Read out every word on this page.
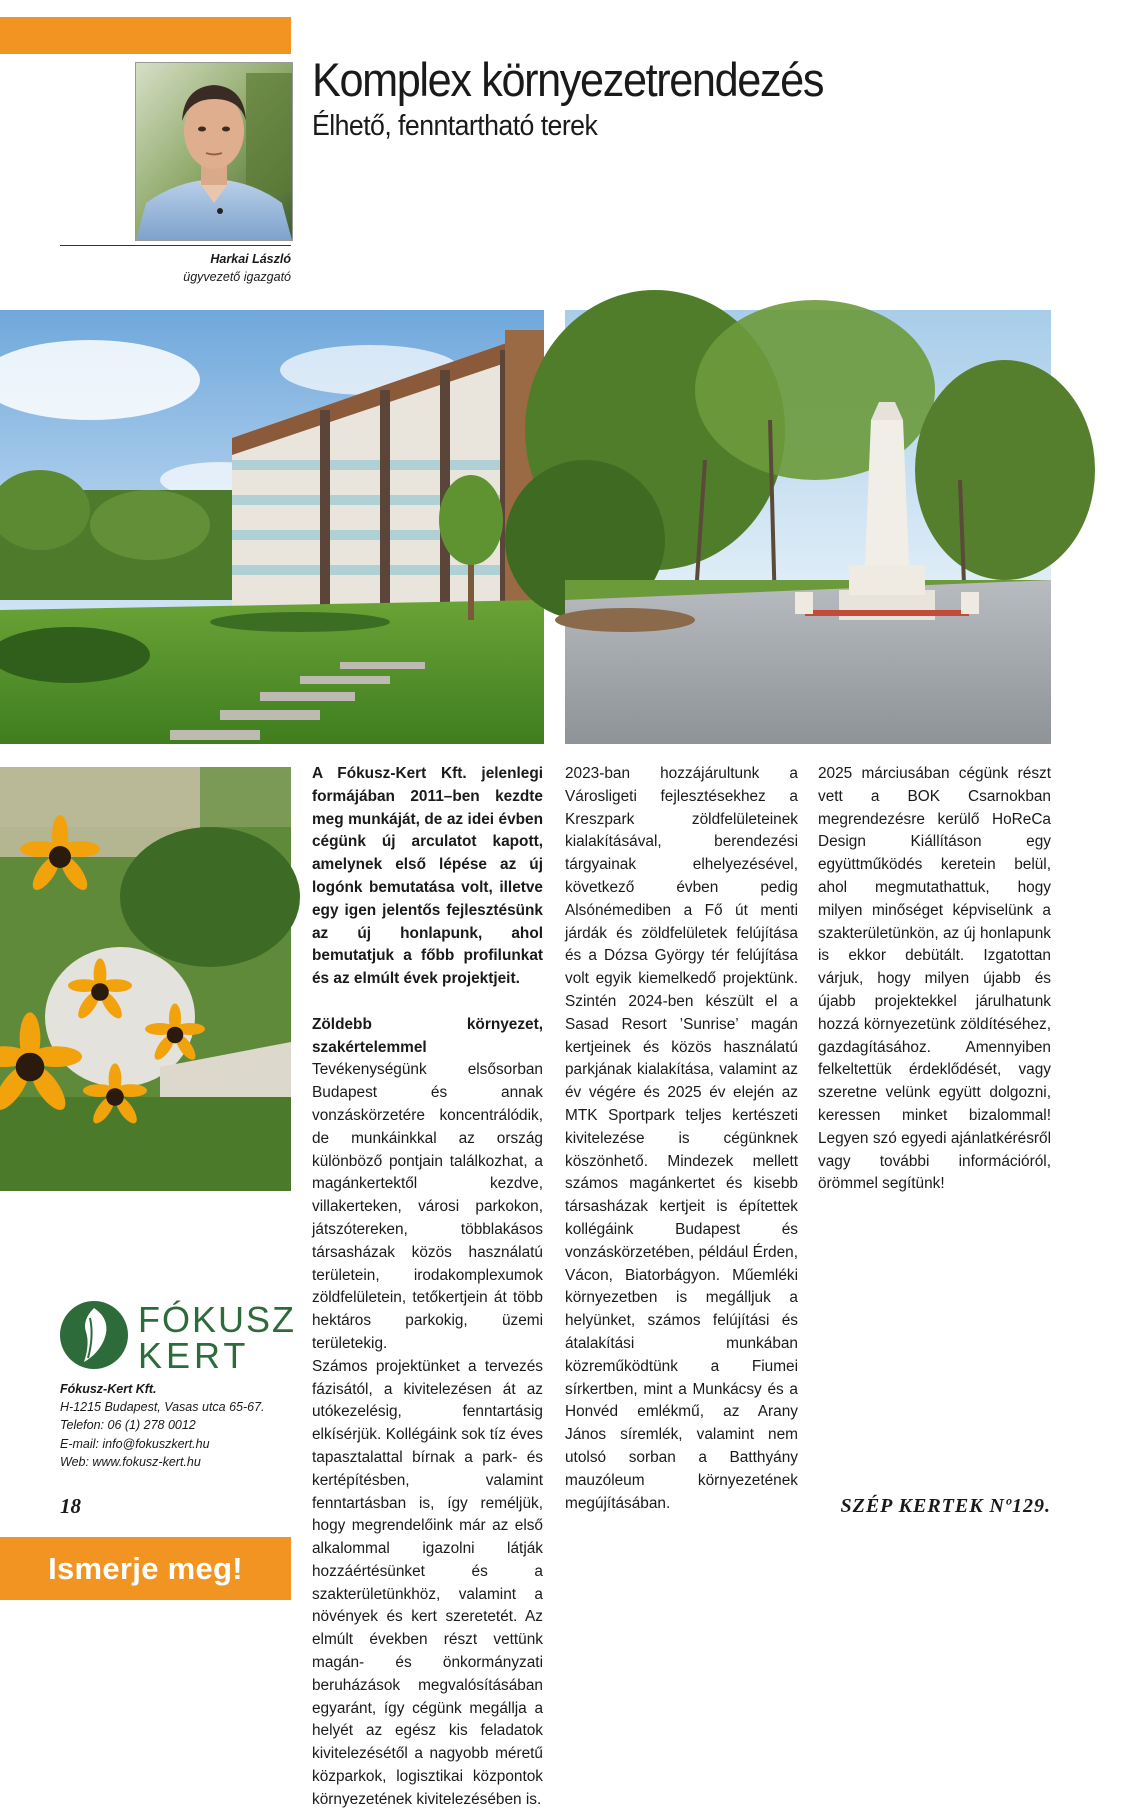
Komplex környezetrendezés
Élhető, fenntartható terek
Harkai László
ügyvezető igazgató

A Fókusz-Kert Kft. jelenlegi formájában 2011–ben kezdte meg munkáját, de az idei évben cégünk új arculatot kapott, amelynek első lépése az új logónk bemutatása volt, illetve egy igen jelentős fejlesztésünk az új honlapunk, ahol bemutatjuk a főbb profilunkat és az elmúlt évek projektjeit.

Zöldebb környezet, szakértelemmel

Tevékenységünk elsősorban Budapest és annak vonzáskörzetére koncentrálódik, de munkáinkkal az ország különböző pontjain találkozhat, a magánkertektől kezdve, villakerteken, városi parkokon, játszótereken, többlakásos társasházak közös használatú területein, irodakomplexumok zöldfelületein, tetőkertjein át több hektáros parkokig, üzemi területekig.

Számos projektünket a tervezés fázisától, a kivitelezésen át az utókezelésig, fenntartásig elkísérjük. Kollégáink sok tíz éves tapasztalattal bírnak a park- és kertépítésben, valamint fenntartásban is, így reméljük, hogy megrendelőink már az első alkalommal igazolni látják hozzáértésünket és a szakterületünkhöz, valamint a növények és kert szeretetét. Az elmúlt években részt vettünk magán- és önkormányzati beruházások megvalósításában egyaránt, így cégünk megállja a helyét az egész kis feladatok kivitelezésétől a nagyobb méretű közparkok, logisztikai központok környezetének kivitelezésében is.

2023-ban hozzájárultunk a Városligeti fejlesztésekhez a Kreszpark zöldfelületeinek kialakításával, berendezési tárgyainak elhelyezésével, következő évben pedig Alsónémediben a Fő út menti járdák és zöldfelületek felújítása és a Dózsa György tér felújítása volt egyik kiemelkedő projektünk. Szintén 2024-ben készült el a Sasad Resort ’Sunrise’ magán kertjeinek és közös használatú parkjának kialakítása, valamint az év végére és 2025 év elején az MTK Sportpark teljes kertészeti kivitelezése is cégünknek köszönhető. Mindezek mellett számos magánkertet és kisebb társasházak kertjeit is építettek kollégáink Budapest és vonzáskörzetében, például Érden, Vácon, Biatorbágyon. Műemléki környezetben is megálljuk a helyünket, számos felújítási és átalakítási munkában közreműködtünk a Fiumei sírkertben, mint a Munkácsy és a Honvéd emlékmű, az Arany János síremlék, valamint nem utolsó sorban a Batthyány mauzóleum környezetének megújításában.

2025 márciusában cégünk részt vett a BOK Csarnokban megrendezésre kerülő HoReCa Design Kiállításon egy együttműködés keretein belül, ahol megmutathattuk, hogy milyen minőséget képviselünk a szakterületünkön, az új honlapunk is ekkor debütált. Izgatottan várjuk, hogy milyen újabb és újabb projektekkel járulhatunk hozzá környezetünk zöldítéséhez, gazdagításához. Amennyiben felkeltettük érdeklődését, vagy szeretne velünk együtt dolgozni, keressen minket bizalommal! Legyen szó egyedi ajánlatkérésről vagy további információról, örömmel segítünk!

FÓKUSZ
KERT
Fókusz-Kert Kft.
H-1215 Budapest, Vasas utca 65-67.
Telefon: 06 (1) 278 0012
E-mail: info@fokuszkert.hu
Web: www.fokusz-kert.hu
18	SZÉP KERTEK Nº129.
Ismerje meg!
